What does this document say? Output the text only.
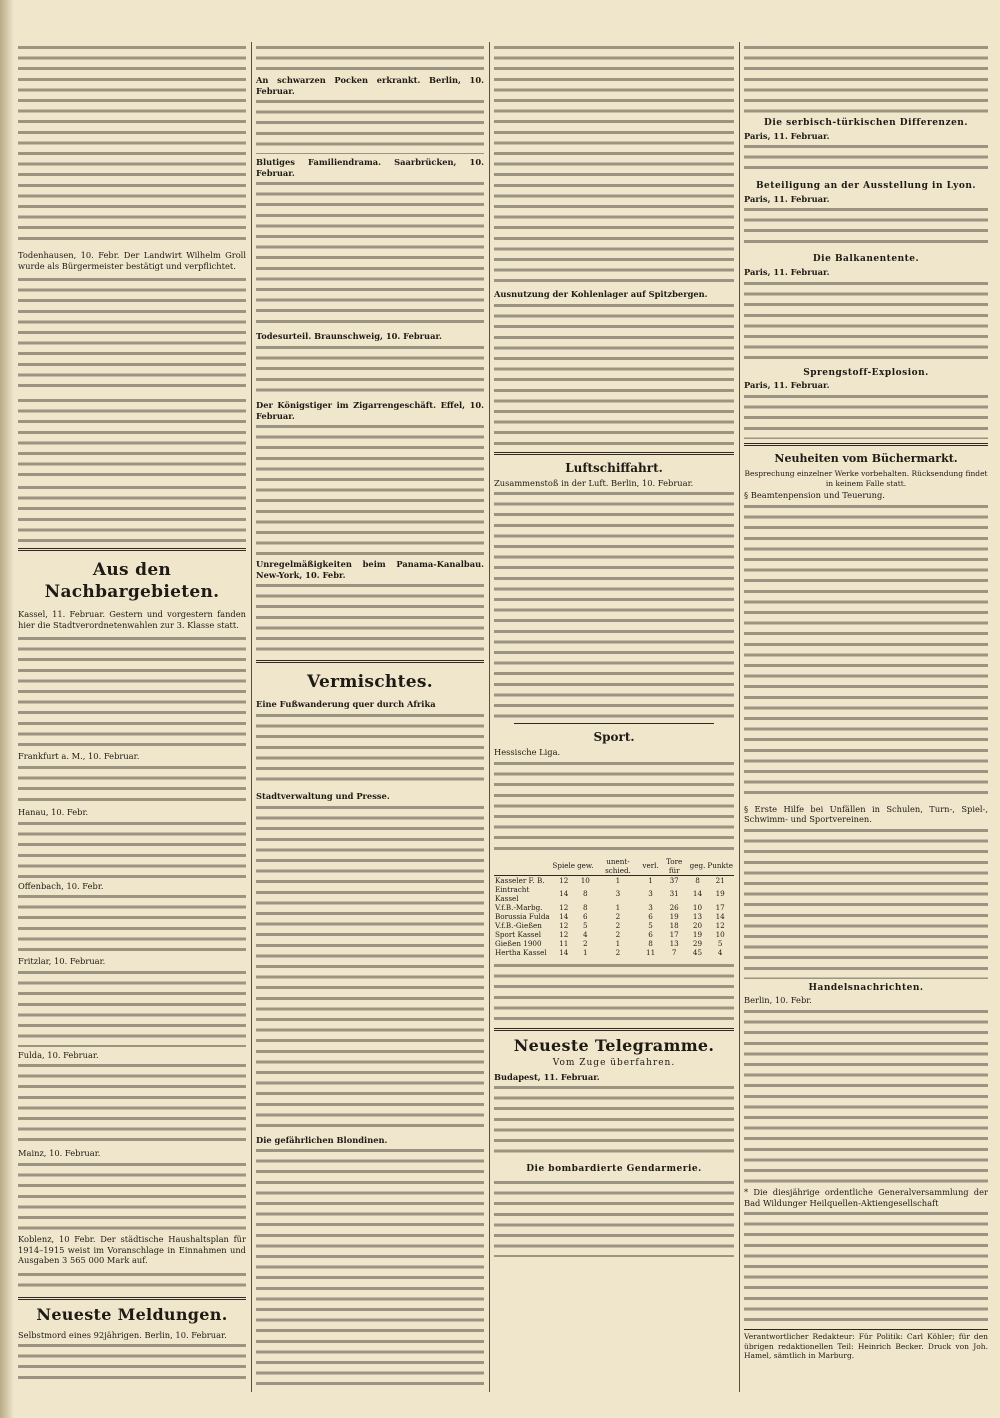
Todenhausen, 10. Febr. Der Landwirt Wilhelm Groll wurde als Bürgermeister bestätigt und verpflichtet.
Aus den Nachbargebieten.
Kassel, 11. Februar. Gestern und vorgestern fanden hier die Stadtverordnetenwahlen zur 3. Klasse statt.
Frankfurt a. M., 10. Februar.
Hanau, 10. Febr.
Offenbach, 10. Febr.
Fritzlar, 10. Februar.
Fulda, 10. Februar.
Mainz, 10. Februar.
Koblenz, 10 Febr. Der städtische Haushaltsplan für 1914–1915 weist im Voranschlage in Einnahmen und Ausgaben 3 565 000 Mark auf.
Neueste Meldungen.
Selbstmord eines 92jährigen. Berlin, 10. Februar.
An schwarzen Pocken erkrankt. Berlin, 10. Februar.
Blutiges Familiendrama. Saarbrücken, 10. Februar.
Todesurteil. Braunschweig, 10. Februar.
Der Königstiger im Zigarrengeschäft. Effel, 10. Februar.
Unregelmäßigkeiten beim Panama-Kanalbau. New-York, 10. Febr.
Vermischtes.
Eine Fußwanderung quer durch Afrika
Stadtverwaltung und Presse.
Die gefährlichen Blondinen.
Ausnutzung der Kohlenlager auf Spitzbergen.
Luftschiffahrt.
Zusammenstoß in der Luft. Berlin, 10. Februar.
Sport.
Hessische Liga.
	Spiele	gew.	unent-schied.	verl.	Tore für	geg.	Punkte
Kasseler F. B.	12	10	1	1	37	8	21
Eintracht Kassel	14	8	3	3	31	14	19
V.f.B.-Marbg.	12	8	1	3	26	10	17
Borussia Fulda	14	6	2	6	19	13	14
V.f.B.-Gießen	12	5	2	5	18	20	12
Sport Kassel	12	4	2	6	17	19	10
Gießen 1900	11	2	1	8	13	29	5
Hertha Kassel	14	1	2	11	7	45	4
Neueste Telegramme.
Vom Zuge überfahren.
Budapest, 11. Februar.
Die bombardierte Gendarmerie.
Die serbisch-türkischen Differenzen.
Paris, 11. Februar.
Beteiligung an der Ausstellung in Lyon.
Paris, 11. Februar.
Die Balkanentente.
Paris, 11. Februar.
Sprengstoff-Explosion.
Paris, 11. Februar.
Neuheiten vom Büchermarkt.
Besprechung einzelner Werke vorbehalten. Rücksendung findet in keinem Falle statt.
§ Beamtenpension und Teuerung.
§ Erste Hilfe bei Unfällen in Schulen, Turn-, Spiel-, Schwimm- und Sportvereinen.
Handelsnachrichten.
Berlin, 10. Febr.
* Die diesjährige ordentliche Generalversammlung der Bad Wildunger Heilquellen-Aktiengesellschaft
Verantwortlicher Redakteur: Für Politik: Carl Köhler; für den übrigen redaktionellen Teil: Heinrich Becker. Druck von Joh. Hamel, sämtlich in Marburg.
